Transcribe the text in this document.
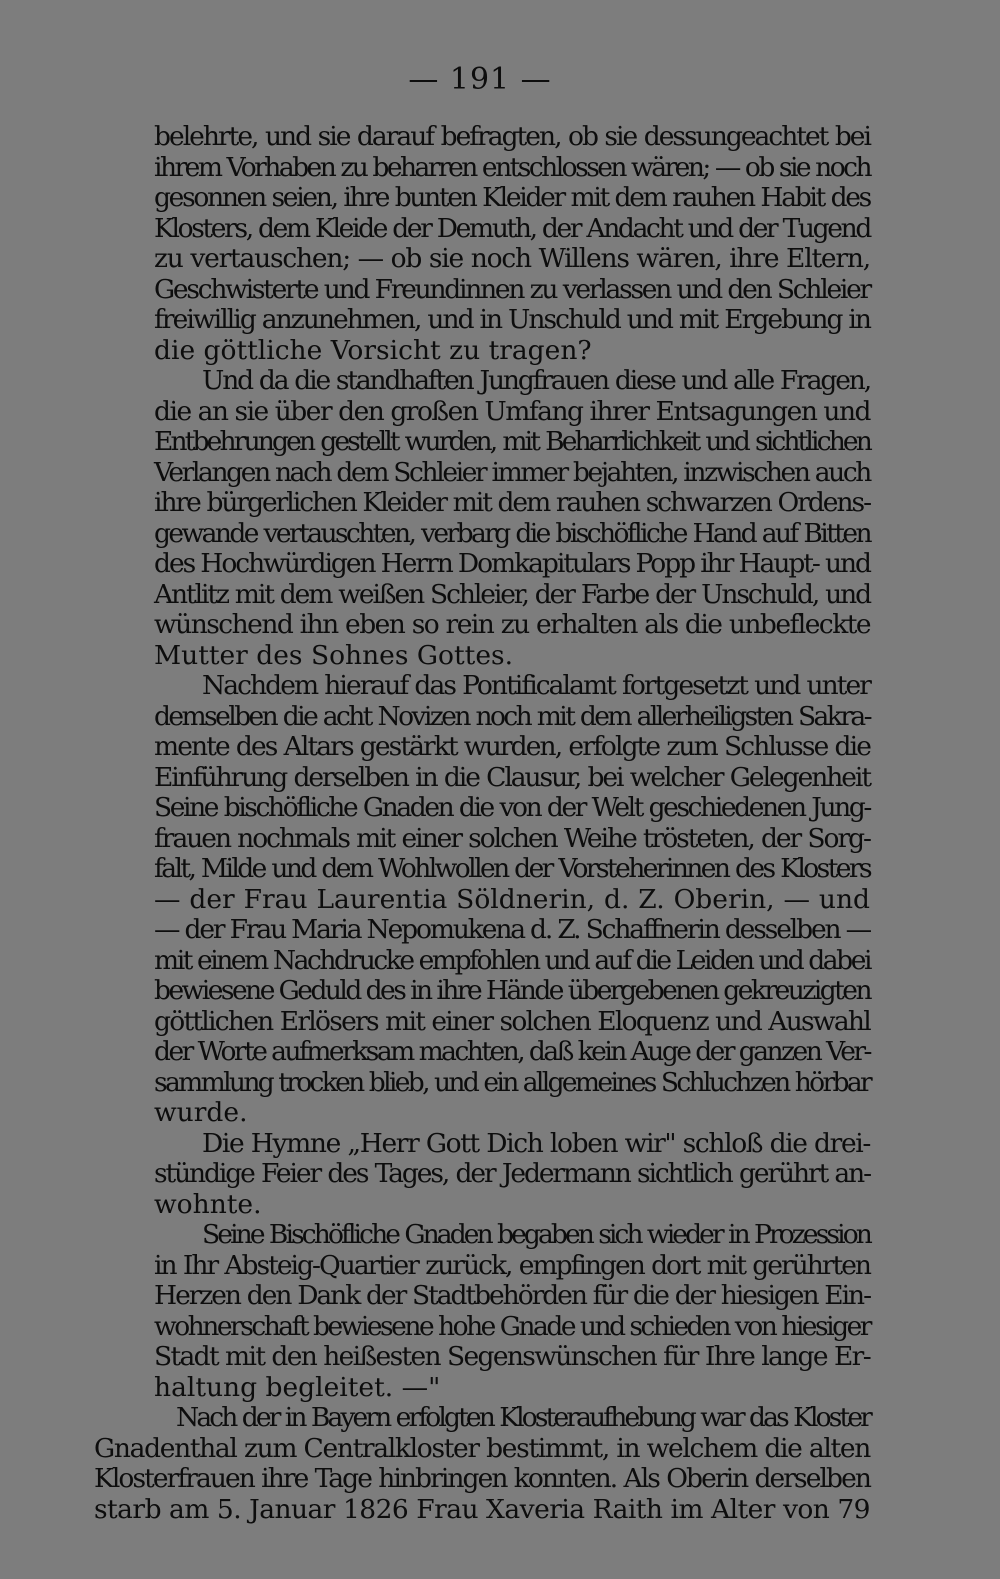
— 191 —
belehrte, und sie darauf befragten, ob sie dessungeachtet bei
ihrem Vorhaben zu beharren entschlossen wären; — ob sie noch
gesonnen seien, ihre bunten Kleider mit dem rauhen Habit des
Klosters, dem Kleide der Demuth, der Andacht und der Tugend
zu vertauschen; — ob sie noch Willens wären, ihre Eltern,
Geschwisterte und Freundinnen zu verlassen und den Schleier
freiwillig anzunehmen, und in Unschuld und mit Ergebung in
die göttliche Vorsicht zu tragen?
Und da die standhaften Jungfrauen diese und alle Fragen,
die an sie über den großen Umfang ihrer Entsagungen und
Entbehrungen gestellt wurden, mit Beharrlichkeit und sichtlichen
Verlangen nach dem Schleier immer bejahten, inzwischen auch
ihre bürgerlichen Kleider mit dem rauhen schwarzen Ordens-
gewande vertauschten, verbarg die bischöfliche Hand auf Bitten
des Hochwürdigen Herrn Domkapitulars Popp ihr Haupt- und
Antlitz mit dem weißen Schleier, der Farbe der Unschuld, und
wünschend ihn eben so rein zu erhalten als die unbefleckte
Mutter des Sohnes Gottes.
Nachdem hierauf das Pontificalamt fortgesetzt und unter
demselben die acht Novizen noch mit dem allerheiligsten Sakra-
mente des Altars gestärkt wurden, erfolgte zum Schlusse die
Einführung derselben in die Clausur, bei welcher Gelegenheit
Seine bischöfliche Gnaden die von der Welt geschiedenen Jung-
frauen nochmals mit einer solchen Weihe trösteten, der Sorg-
falt, Milde und dem Wohlwollen der Vorsteherinnen des Klosters
— der Frau Laurentia Söldnerin, d. Z. Oberin, — und
— der Frau Maria Nepomukena d. Z. Schaffnerin desselben —
mit einem Nachdrucke empfohlen und auf die Leiden und dabei
bewiesene Geduld des in ihre Hände übergebenen gekreuzigten
göttlichen Erlösers mit einer solchen Eloquenz und Auswahl
der Worte aufmerksam machten, daß kein Auge der ganzen Ver-
sammlung trocken blieb, und ein allgemeines Schluchzen hörbar
wurde.
Die Hymne „Herr Gott Dich loben wir" schloß die drei-
stündige Feier des Tages, der Jedermann sichtlich gerührt an-
wohnte.
Seine Bischöfliche Gnaden begaben sich wieder in Prozession
in Ihr Absteig-Quartier zurück, empfingen dort mit gerührten
Herzen den Dank der Stadtbehörden für die der hiesigen Ein-
wohnerschaft bewiesene hohe Gnade und schieden von hiesiger
Stadt mit den heißesten Segenswünschen für Ihre lange Er-
haltung begleitet. —"
Nach der in Bayern erfolgten Klosteraufhebung war das Kloster
Gnadenthal zum Centralkloster bestimmt, in welchem die alten
Klosterfrauen ihre Tage hinbringen konnten. Als Oberin derselben
starb am 5. Januar 1826 Frau Xaveria Raith im Alter von 79
